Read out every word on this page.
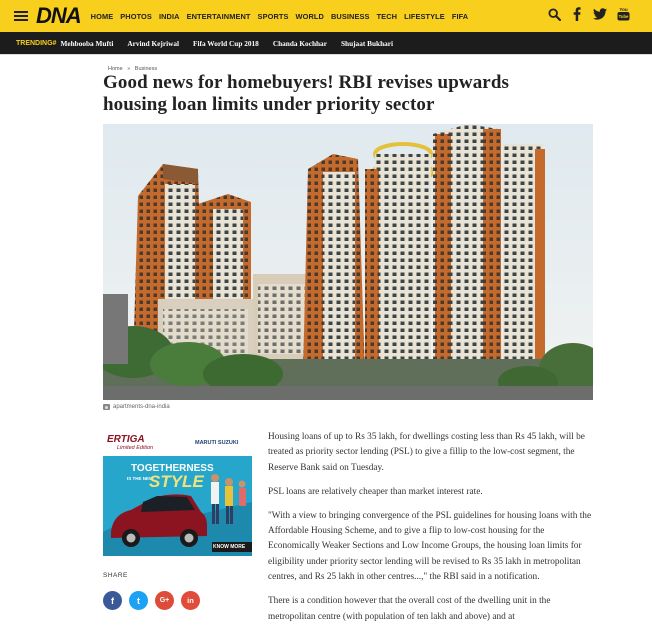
DNA HOME PHOTOS INDIA ENTERTAINMENT SPORTS WORLD BUSINESS TECH LIFESTYLE FIFA
You
Tube
TRENDING# Mehbooba Mufti Arvind Kejriwal Fifa World Cup 2018 Chanda Kochhar Shujaat Bukhari
Home » Business
Good news for homebuyers! RBI revises upwards housing loan limits under priority sector
apartments-dna-india
ERTIGA
Limited Edition
MARUTI SUZUKI
TOGETHERNESS
IS THE NEW
STYLE
KNOW MORE
SHARE
f	t	G+ in

Housing loans of up to Rs 35 lakh, for dwellings costing less than Rs 45 lakh, will be treated as priority sector lending (PSL) to give a fillip to the low-cost segment, the Reserve Bank said on Tuesday.

PSL loans are relatively cheaper than market interest rate.

"With a view to bringing convergence of the PSL guidelines for housing loans with the Affordable Housing Scheme, and to give a flip to low-cost housing for the Economically Weaker Sections and Low Income Groups, the housing loan limits for eligibility under priority sector lending will be revised to Rs 35 lakh in metropolitan centres, and Rs 25 lakh in other centres...," the RBI said in a notification.

There is a condition however that the overall cost of the dwelling unit in the metropolitan centre (with population of ten lakh and above) and at
